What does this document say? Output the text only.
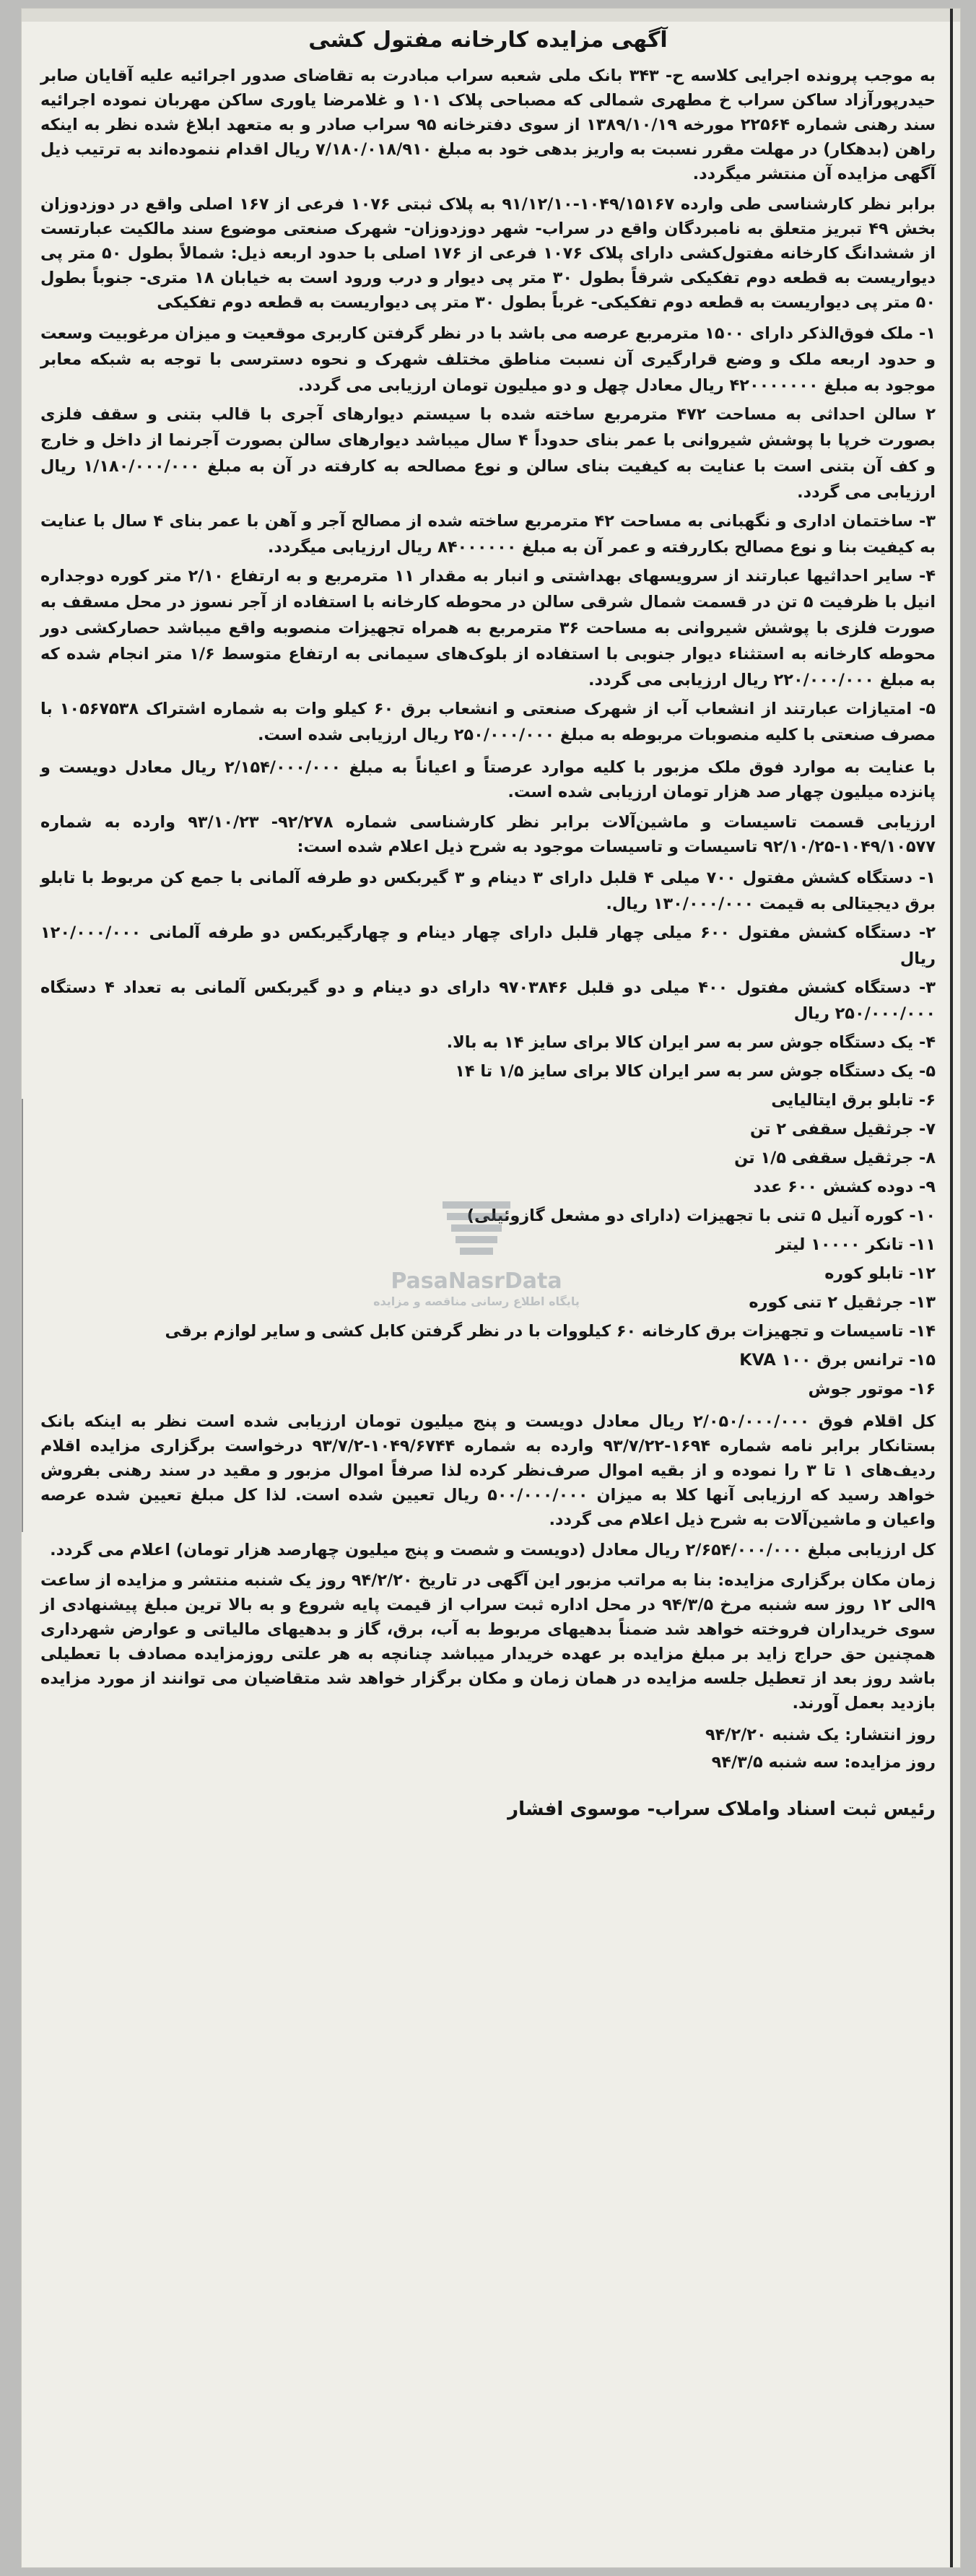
آگهی مزایده کارخانه مفتول کشی

به موجب پرونده اجرایی کلاسه ح- ۳۴۳ بانک ملی شعبه سراب مبادرت به تقاضای صدور اجرائیه علیه آقایان صابر حیدرپورآزاد ساکن سراب خ مطهری شمالی که مصباحی پلاک ۱۰۱ و غلامرضا یاوری ساکن مهربان نموده اجرائیه سند رهنی شماره ۲۲۵۶۴ مورخه ۱۳۸۹/۱۰/۱۹ از سوی دفترخانه ۹۵ سراب صادر و به متعهد ابلاغ شده نظر به اینکه راهن (بدهکار) در مهلت مقرر نسبت به واریز بدهی خود به مبلغ ۷/۱۸۰/۰۱۸/۹۱۰ ریال اقدام ننموده‌اند به ترتیب ذیل آگهی مزایده آن منتشر میگردد.

برابر نظر کارشناسی طی وارده ۱۰۴۹/۱۵۱۶۷-۹۱/۱۲/۱۰ به پلاک ثبتی ۱۰۷۶ فرعی از ۱۶۷ اصلی واقع در دوزدوزان بخش ۴۹ تبریز متعلق به نامبردگان واقع در سراب- شهر دوزدوزان- شهرک صنعتی موضوع سند مالکیت عبارتست از ششدانگ کارخانه مفتول‌کشی دارای پلاک ۱۰۷۶ فرعی از ۱۷۶ اصلی با حدود اربعه ذیل: شمالاً بطول ۵۰ متر پی دیواریست به قطعه دوم تفکیکی شرقاً بطول ۳۰ متر پی دیوار و درب ورود است به خیابان ۱۸ متری- جنوباً بطول ۵۰ متر پی دیواریست به قطعه دوم تفکیکی- غرباً بطول ۳۰ متر پی دیواریست به قطعه دوم تفکیکی

۱- ملک فوق‌الذکر دارای ۱۵۰۰ مترمربع عرصه می باشد با در نظر گرفتن کاربری موقعیت و میزان مرغوبیت وسعت و حدود اربعه ملک و وضع قرارگیری آن نسبت مناطق مختلف شهرک و نحوه دسترسی با توجه به شبکه معابر موجود به مبلغ ۴۲۰۰۰۰۰۰۰ ریال معادل چهل و دو میلیون تومان ارزیابی می گردد.

۲ سالن احداثی به مساحت ۴۷۲ مترمربع ساخته شده با سیستم دیوارهای آجری با قالب بتنی و سقف فلزی بصورت خرپا با پوشش شیروانی با عمر بنای حدوداً ۴ سال میباشد دیوارهای سالن بصورت آجرنما از داخل و خارج و کف آن بتنی است با عنایت به کیفیت بنای سالن و نوع مصالحه به کارفته در آن به مبلغ ۱/۱۸۰/۰۰۰/۰۰۰ ریال ارزیابی می گردد.

۳- ساختمان اداری و نگهبانی به مساحت ۴۲ مترمربع ساخته شده از مصالح آجر و آهن با عمر بنای ۴ سال با عنایت به کیفیت بنا و نوع مصالح بکاررفته و عمر آن به مبلغ ۸۴۰۰۰۰۰۰ ریال ارزیابی میگردد.

۴- سایر احداثیها عبارتند از سرویسهای بهداشتی و انبار به مقدار ۱۱ مترمربع و به ارتفاع ۲/۱۰ متر کوره دوجداره انیل با ظرفیت ۵ تن در قسمت شمال شرقی سالن در محوطه کارخانه با استفاده از آجر نسوز در محل مسقف به صورت فلزی با پوشش شیروانی به مساحت ۳۶ مترمربع به همراه تجهیزات منصوبه واقع میباشد حصارکشی دور محوطه کارخانه به استثناء دیوار جنوبی با استفاده از بلوک‌های سیمانی به ارتفاع متوسط ۱/۶ متر انجام شده که به مبلغ ۲۲۰/۰۰۰/۰۰۰ ریال ارزیابی می گردد.

۵- امتیازات عبارتند از انشعاب آب از شهرک صنعتی و انشعاب برق ۶۰ کیلو وات به شماره اشتراک ۱۰۵۶۷۵۳۸ با مصرف صنعتی با کلیه منصوبات مربوطه به مبلغ ۲۵۰/۰۰۰/۰۰۰ ریال ارزیابی شده است.

با عنایت به موارد فوق ملک مزبور با کلیه موارد عرصتاً و اعیاناً به مبلغ ۲/۱۵۴/۰۰۰/۰۰۰ ریال معادل دویست و پانزده میلیون چهار صد هزار تومان ارزیابی شده است.

ارزیابی قسمت تاسیسات و ماشین‌آلات برابر نظر کارشناسی شماره ۹۲/۲۷۸- ۹۳/۱۰/۲۳ وارده به شماره ۱۰۴۹/۱۰۵۷۷-۹۲/۱۰/۲۵ تاسیسات و تاسیسات موجود به شرح ذیل اعلام شده است:

۱- دستگاه کشش مفتول ۷۰۰ میلی ۴ قلبل دارای ۳ دینام و ۳ گیربکس دو طرفه آلمانی با جمع کن مربوط با تابلو برق دیجیتالی به قیمت ۱۳۰/۰۰۰/۰۰۰ ریال.

۲- دستگاه کشش مفتول ۶۰۰ میلی چهار قلبل دارای چهار دینام و چهارگیربکس دو طرفه آلمانی ۱۲۰/۰۰۰/۰۰۰ ریال

۳- دستگاه کشش مفتول ۴۰۰ میلی دو قلبل ۹۷۰۳۸۴۶ دارای دو دینام و دو گیربکس آلمانی به تعداد ۴ دستگاه ۲۵۰/۰۰۰/۰۰۰ ریال

۴- یک دستگاه جوش سر به سر ایران کالا برای سایز ۱۴ به بالا.

۵- یک دستگاه جوش سر به سر ایران کالا برای سایز ۱/۵ تا ۱۴

۶- تابلو برق ایتالیایی

۷- جرثقیل سقفی ۲ تن

۸- جرثقیل سقفی ۱/۵ تن

۹- دوده کشش ۶۰۰ عدد

۱۰- کوره آنیل ۵ تنی با تجهیزات (دارای دو مشعل گازوئیلی)

۱۱- تانکر ۱۰۰۰۰ لیتر

۱۲- تابلو کوره

۱۳- جرثقیل ۲ تنی کوره

۱۴- تاسیسات و تجهیزات برق کارخانه ۶۰ کیلووات با در نظر گرفتن کابل کشی و سایر لوازم برقی

۱۵- ترانس برق ۱۰۰ KVA

۱۶- موتور جوش

کل اقلام فوق ۲/۰۵۰/۰۰۰/۰۰۰ ریال معادل دویست و پنج میلیون تومان ارزیابی شده است نظر به اینکه بانک بستانکار برابر نامه شماره ۱۶۹۴-۹۳/۷/۲۲ وارده به شماره ۱۰۴۹/۶۷۴۴-۹۳/۷/۲ درخواست برگزاری مزایده اقلام ردیف‌های ۱ تا ۳ را نموده و از بقیه اموال صرف‌نظر کرده لذا صرفاً اموال مزبور و مقید در سند رهنی بفروش خواهد رسید که ارزیابی آنها کلا به میزان ۵۰۰/۰۰۰/۰۰۰ ریال تعیین شده است. لذا کل مبلغ تعیین شده عرصه واعیان و ماشین‌آلات به شرح ذیل اعلام می گردد.

کل ارزیابی مبلغ ۲/۶۵۴/۰۰۰/۰۰۰ ریال معادل (دویست و شصت و پنج میلیون چهارصد هزار تومان) اعلام می گردد.

زمان مکان برگزاری مزایده: بنا به مراتب مزبور این آگهی در تاریخ ۹۴/۲/۲۰ روز یک شنبه منتشر و مزایده از ساعت ۹الی ۱۲ روز سه شنبه مرخ ۹۴/۳/۵ در محل اداره ثبت سراب از قیمت پایه شروع و به بالا ترین مبلغ پیشنهادی از سوی خریداران فروخته خواهد شد ضمناً بدهیهای مربوط به آب، برق، گاز و بدهیهای مالیاتی و عوارض شهرداری همچنین حق حراج زاید بر مبلغ مزایده بر عهده خریدار میباشد چنانچه به هر علتی روزمزایده مصادف با تعطیلی باشد روز بعد از تعطیل جلسه مزایده در همان زمان و مکان برگزار خواهد شد متقاضیان می توانند از مورد مزایده بازدید بعمل آورند.

روز انتشار: یک شنبه ۹۴/۲/۲۰

روز مزایده: سه شنبه ۹۴/۳/۵

رئیس ثبت اسناد واملاک سراب- موسوی افشار

PasaNasrData
پایگاه اطلاع رسانی مناقصه و مزایده
